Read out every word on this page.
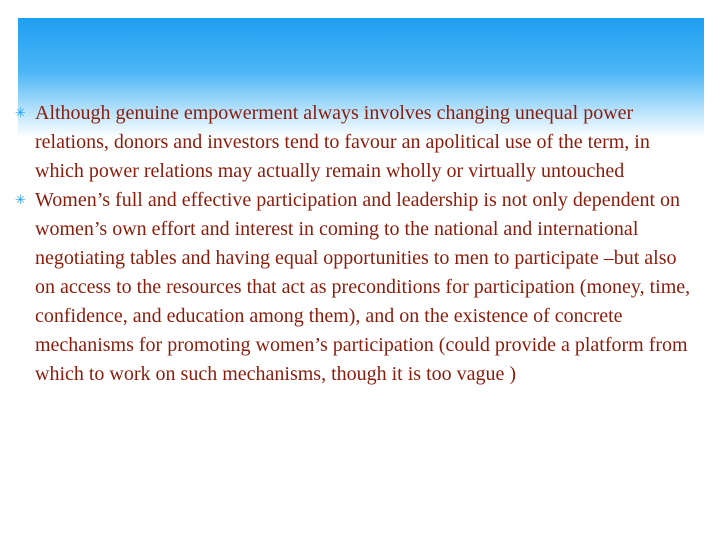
✳ Although genuine empowerment always involves changing unequal power relations, donors and investors tend to favour an apolitical use of the term, in which power relations may actually remain wholly or virtually untouched
✳ Women’s full and effective participation and leadership is not only dependent on women’s own effort and interest in coming to the national and international negotiating tables and having equal opportunities to men to participate –but also on access to the resources that act as preconditions for participation (money, time, confidence, and education among them), and on the existence of concrete mechanisms for promoting women’s participation (could provide a platform from which to work on such mechanisms, though it is too vague )
